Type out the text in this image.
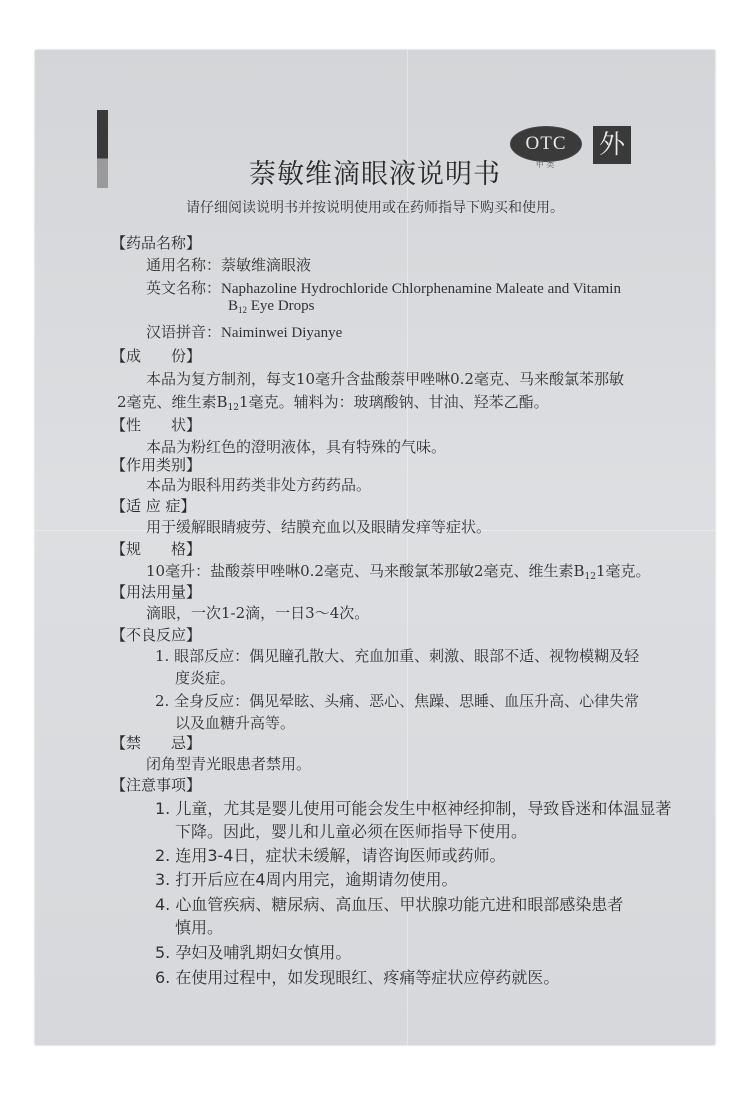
OTC
甲 类
外
萘敏维滴眼液说明书
请仔细阅读说明书并按说明使用或在药师指导下购买和使用。
【药品名称】
通用名称：萘敏维滴眼液
英文名称：Naphazoline Hydrochloride Chlorphenamine Maleate and Vitamin
$B_{12}$ Eye Drops
汉语拼音：Naiminwei Diyanye
【成　　份】
本品为复方制剂，每支10毫升含盐酸萘甲唑啉0.2毫克、马来酸氯苯那敏
2毫克、维生素$B_{12}1$毫克。辅料为：玻璃酸钠、甘油、羟苯乙酯。
【性　　状】
本品为粉红色的澄明液体，具有特殊的气味。
【作用类别】
本品为眼科用药类非处方药药品。
【适 应 症】
用于缓解眼睛疲劳、结膜充血以及眼睛发痒等症状。
【规　　格】
10毫升：盐酸萘甲唑啉0.2毫克、马来酸氯苯那敏2毫克、维生素$B_{12}1$毫克。
【用法用量】
滴眼，一次1-2滴，一日3～4次。
【不良反应】
1. 眼部反应：偶见瞳孔散大、充血加重、刺激、眼部不适、视物模糊及轻
度炎症。
2. 全身反应：偶见晕眩、头痛、恶心、焦躁、思睡、血压升高、心律失常
以及血糖升高等。
【禁　　忌】
闭角型青光眼患者禁用。
【注意事项】
1. 儿童，尤其是婴儿使用可能会发生中枢神经抑制，导致昏迷和体温显著
下降。因此，婴儿和儿童必须在医师指导下使用。
2. 连用3-4日，症状未缓解，请咨询医师或药师。
3. 打开后应在4周内用完，逾期请勿使用。
4. 心血管疾病、糖尿病、高血压、甲状腺功能亢进和眼部感染患者
慎用。
5. 孕妇及哺乳期妇女慎用。
6. 在使用过程中，如发现眼红、疼痛等症状应停药就医。
